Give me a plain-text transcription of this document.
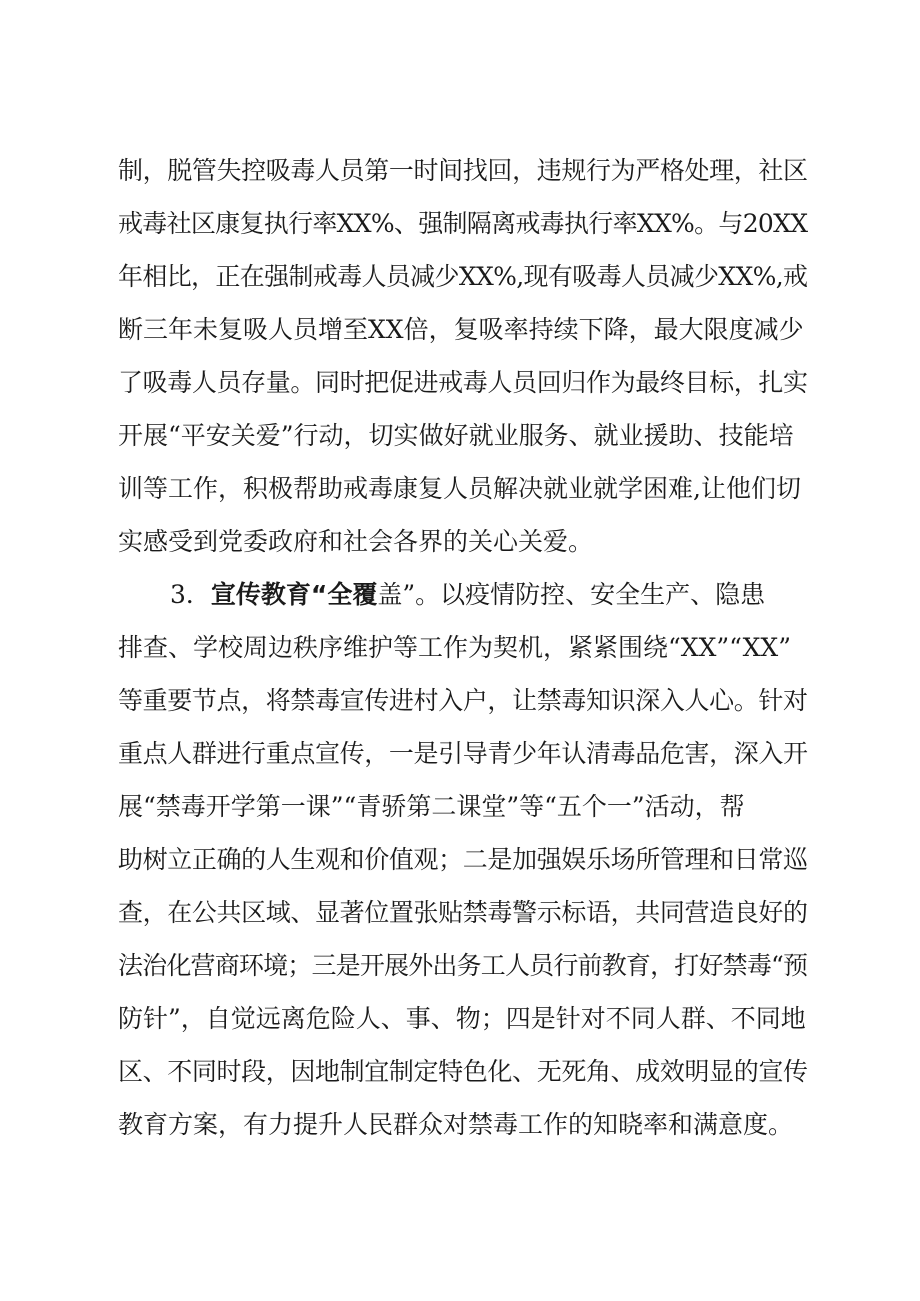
制，脱管失控吸毒人员第一时间找回，违规行为严格处理，社区
戒毒社区康复执行率XX%、强制隔离戒毒执行率XX%。与20XX
年相比，正在强制戒毒人员减少XX%,现有吸毒人员减少XX%,戒
断三年未复吸人员增至XX倍，复吸率持续下降，最大限度减少
了吸毒人员存量。同时把促进戒毒人员回归作为最终目标，扎实
开展“平安关爱”行动，切实做好就业服务、就业援助、技能培
训等工作，积极帮助戒毒康复人员解决就业就学困难,让他们切
实感受到党委政府和社会各界的关心关爱。
3．宣传教育“全覆盖”。以疫情防控、安全生产、隐患
排查、学校周边秩序维护等工作为契机，紧紧围绕“XX”“XX”
等重要节点，将禁毒宣传进村入户，让禁毒知识深入人心。针对
重点人群进行重点宣传，一是引导青少年认清毒品危害，深入开
展“禁毒开学第一课”“青骄第二课堂”等“五个一”活动，帮
助树立正确的人生观和价值观；二是加强娱乐场所管理和日常巡
查，在公共区域、显著位置张贴禁毒警示标语，共同营造良好的
法治化营商环境；三是开展外出务工人员行前教育，打好禁毒“预
防针”，自觉远离危险人、事、物；四是针对不同人群、不同地
区、不同时段，因地制宜制定特色化、无死角、成效明显的宣传
教育方案，有力提升人民群众对禁毒工作的知晓率和满意度。
